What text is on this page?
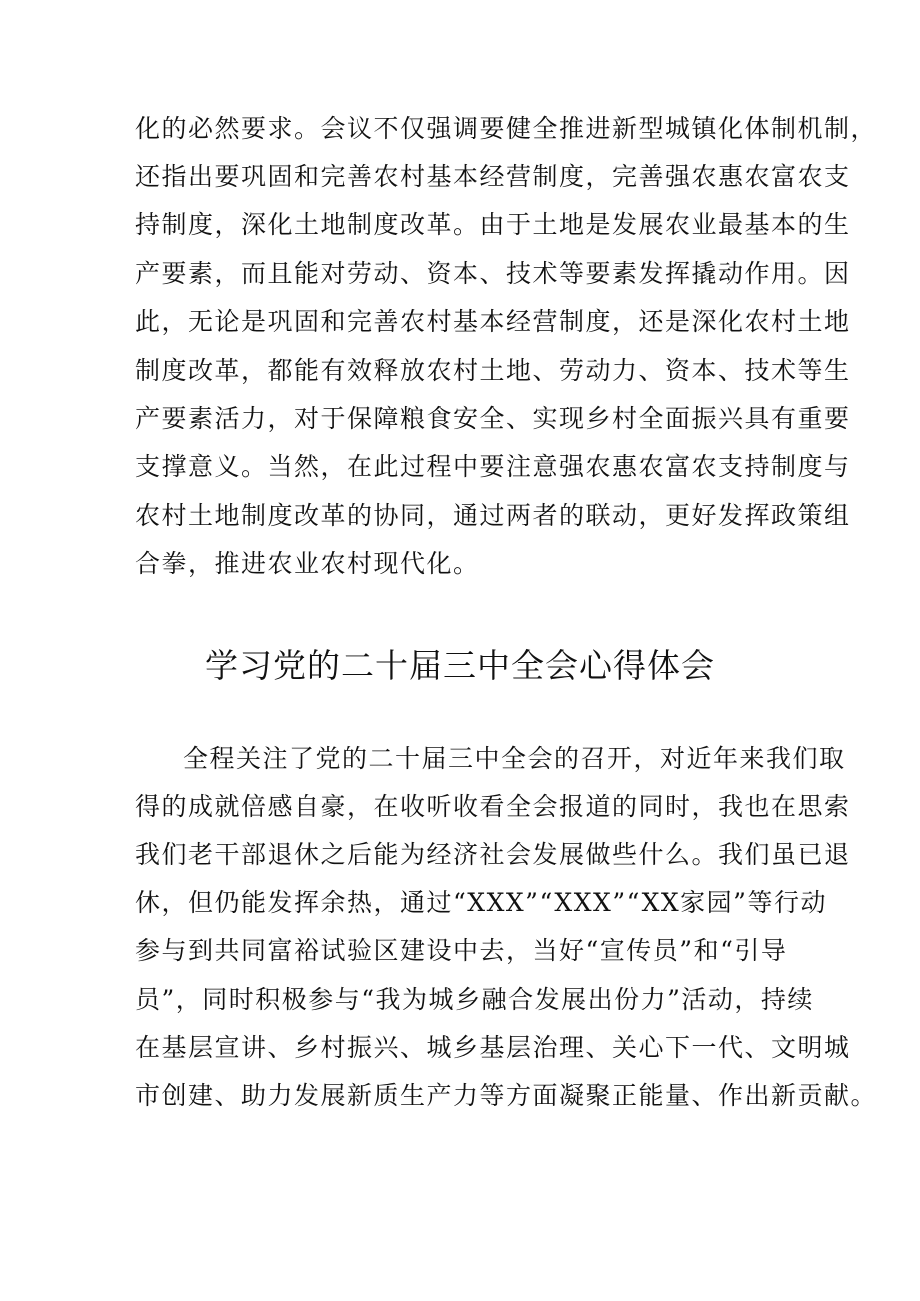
化的必然要求。会议不仅强调要健全推进新型城镇化体制机制，
还指出要巩固和完善农村基本经营制度，完善强农惠农富农支
持制度，深化土地制度改革。由于土地是发展农业最基本的生
产要素，而且能对劳动、资本、技术等要素发挥撬动作用。因
此，无论是巩固和完善农村基本经营制度，还是深化农村土地
制度改革，都能有效释放农村土地、劳动力、资本、技术等生
产要素活力，对于保障粮食安全、实现乡村全面振兴具有重要
支撑意义。当然，在此过程中要注意强农惠农富农支持制度与
农村土地制度改革的协同，通过两者的联动，更好发挥政策组
合拳，推进农业农村现代化。
学习党的二十届三中全会心得体会
全程关注了党的二十届三中全会的召开，对近年来我们取
得的成就倍感自豪，在收听收看全会报道的同时，我也在思索
我们老干部退休之后能为经济社会发展做些什么。我们虽已退
休，但仍能发挥余热，通过“XXX”“XXX”“XX家园”等行动
参与到共同富裕试验区建设中去，当好“宣传员”和“引导
员”，同时积极参与“我为城乡融合发展出份力”活动，持续
在基层宣讲、乡村振兴、城乡基层治理、关心下一代、文明城
市创建、助力发展新质生产力等方面凝聚正能量、作出新贡献。
